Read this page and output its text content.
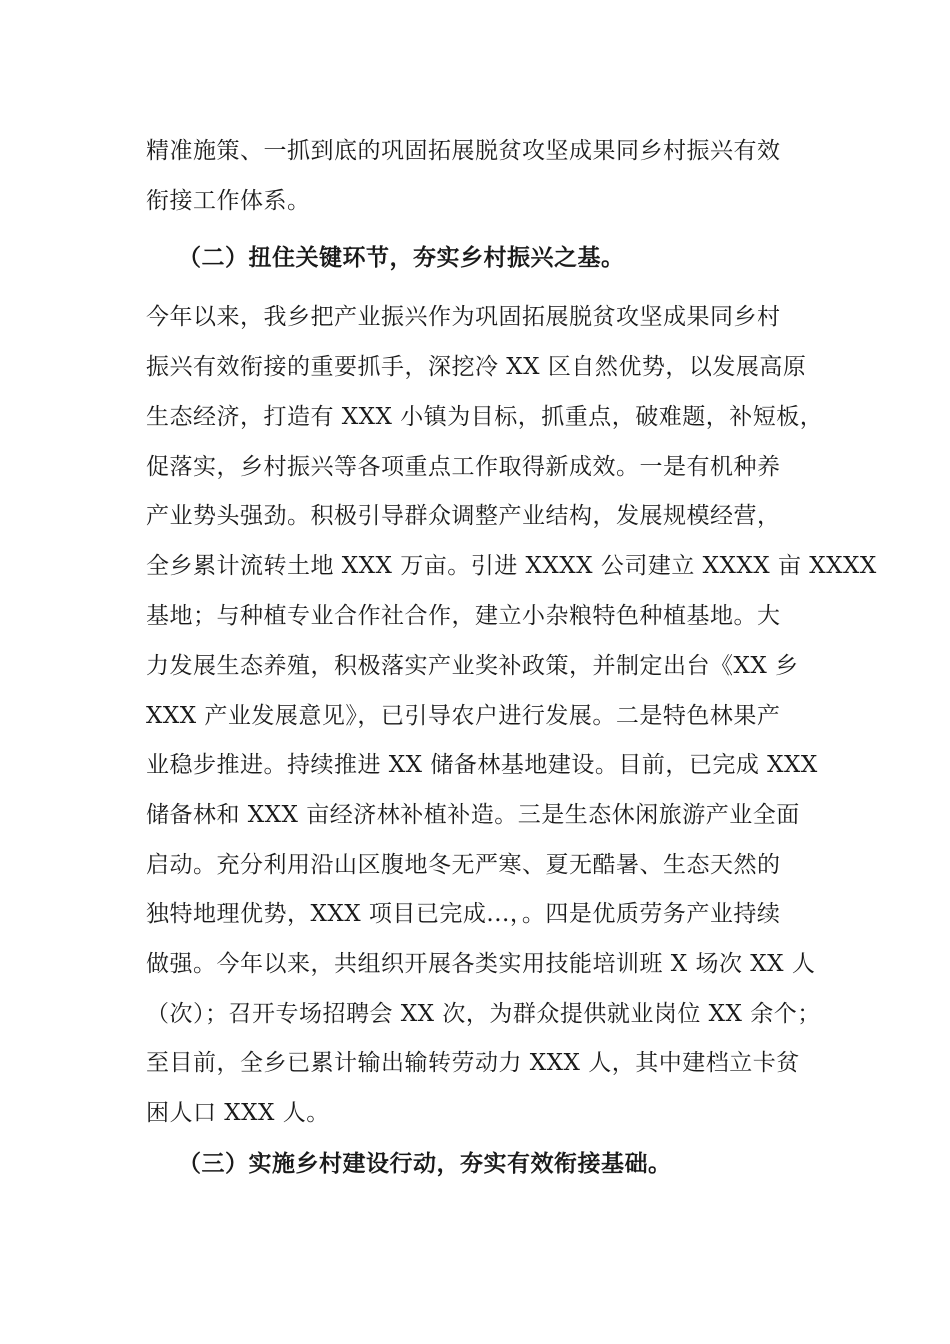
精准施策、一抓到底的巩固拓展脱贫攻坚成果同乡村振兴有效
衔接工作体系。
（二）扭住关键环节，夯实乡村振兴之基。
今年以来，我乡把产业振兴作为巩固拓展脱贫攻坚成果同乡村
振兴有效衔接的重要抓手，深挖冷 XX 区自然优势，以发展高原
生态经济，打造有 XXX 小镇为目标，抓重点，破难题，补短板，
促落实，乡村振兴等各项重点工作取得新成效。一是有机种养
产业势头强劲。积极引导群众调整产业结构，发展规模经营，
全乡累计流转土地 XXX 万亩。引进 XXXX 公司建立 XXXX 亩 XXXX
基地；与种植专业合作社合作，建立小杂粮特色种植基地。大
力发展生态养殖，积极落实产业奖补政策，并制定出台《XX 乡
XXX 产业发展意见》，已引导农户进行发展。二是特色林果产
业稳步推进。持续推进 XX 储备林基地建设。目前，已完成 XXX
储备林和 XXX 亩经济林补植补造。三是生态休闲旅游产业全面
启动。充分利用沿山区腹地冬无严寒、夏无酷暑、生态天然的
独特地理优势，XXX 项目已完成...，。四是优质劳务产业持续
做强。今年以来，共组织开展各类实用技能培训班 X 场次 XX 人
（次）；召开专场招聘会 XX 次，为群众提供就业岗位 XX 余个；
至目前，全乡已累计输出输转劳动力 XXX 人，其中建档立卡贫
困人口 XXX 人。
（三）实施乡村建设行动，夯实有效衔接基础。
